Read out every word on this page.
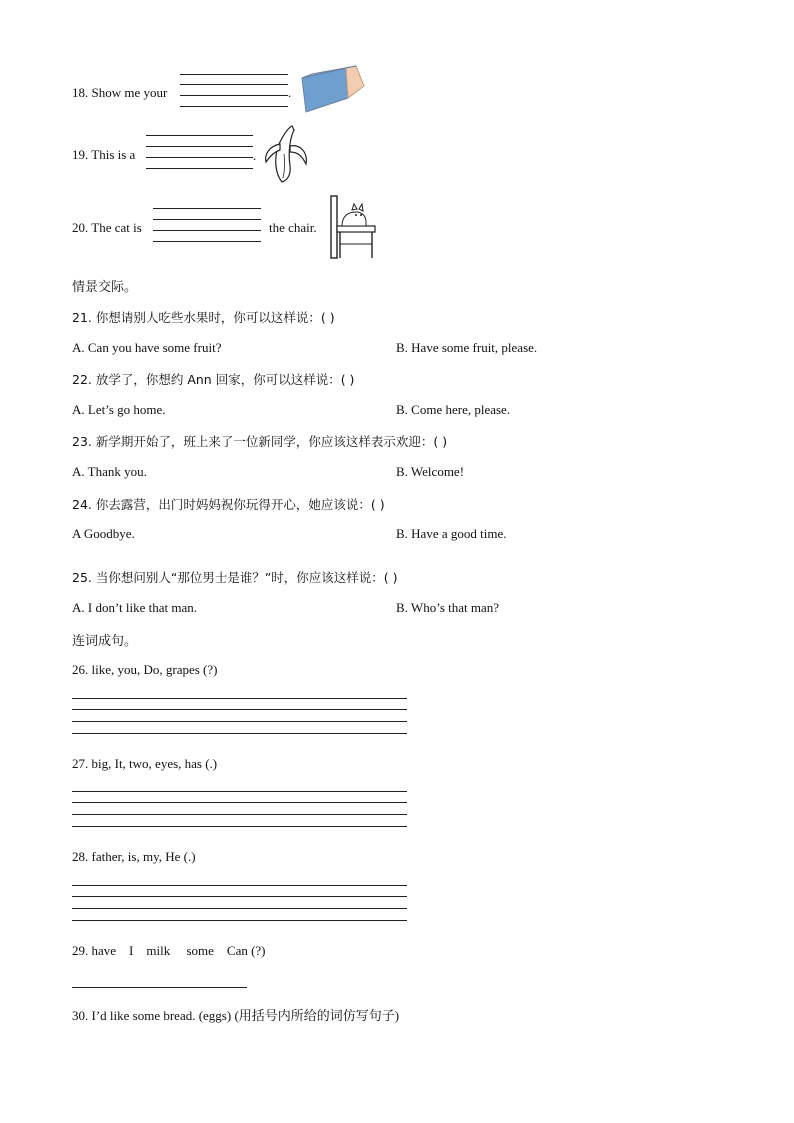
18. Show me your	.
19. This is a	.
20. The cat is	the chair.
情景交际。
21. 你想请别人吃些水果时，你可以这样说：( )
A. Can you have some fruit?	B. Have some fruit, please.
22. 放学了，你想约 Ann 回家，你可以这样说：( )
A. Let’s go home.	B. Come here, please.
23. 新学期开始了，班上来了一位新同学，你应该这样表示欢迎：( )
A. Thank you.	B. Welcome!
24. 你去露营，出门时妈妈祝你玩得开心，她应该说：( )
A Goodbye.	B. Have a good time.
25. 当你想问别人“那位男士是谁？”时，你应该这样说：( )
A. I don’t like that man.	B. Who’s that man?
连词成句。
26. like, you, Do, grapes (?)
27. big, It, two, eyes, has (.)
28. father, is, my, He (.)
29. have    I    milk     some    Can (?)
30. I’d like some bread. (eggs) (用括号内所给的词仿写句子)
